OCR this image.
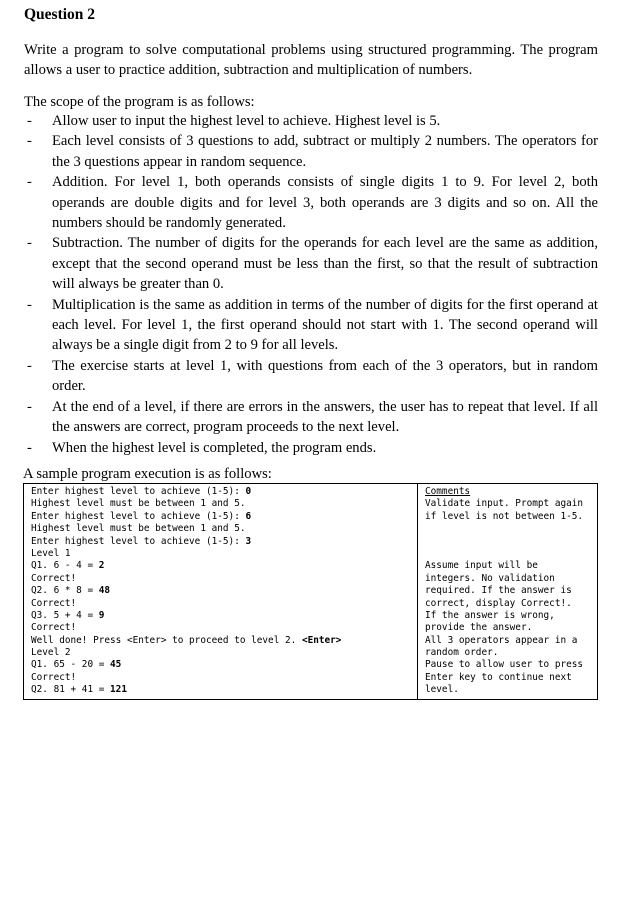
Question 2
Write a program to solve computational problems using structured programming. The program allows a user to practice addition, subtraction and multiplication of numbers.
The scope of the program is as follows:
- Allow user to input the highest level to achieve. Highest level is 5.
- Each level consists of 3 questions to add, subtract or multiply 2 numbers. The operators for the 3 questions appear in random sequence.
- Addition. For level 1, both operands consists of single digits 1 to 9. For level 2, both operands are double digits and for level 3, both operands are 3 digits and so on. All the numbers should be randomly generated.
- Subtraction. The number of digits for the operands for each level are the same as addition, except that the second operand must be less than the first, so that the result of subtraction will always be greater than 0.
- Multiplication is the same as addition in terms of the number of digits for the first operand at each level. For level 1, the first operand should not start with 1. The second operand will always be a single digit from 2 to 9 for all levels.
- The exercise starts at level 1, with questions from each of the 3 operators, but in random order.
- At the end of a level, if there are errors in the answers, the user has to repeat that level. If all the answers are correct, program proceeds to the next level.
- When the highest level is completed, the program ends.
A sample program execution is as follows:
Enter highest level to achieve (1-5): 0
Highest level must be between 1 and 5.
Enter highest level to achieve (1-5): 6
Highest level must be between 1 and 5.
Enter highest level to achieve (1-5): 3
Level 1
Q1. 6 - 4 = 2
Correct!
Q2. 6 * 8 = 48
Correct!
Q3. 5 + 4 = 9
Correct!
Well done! Press <Enter> to proceed to level 2. <Enter>
Level 2
Q1. 65 - 20 = 45
Correct!
Q2. 81 + 41 = 121
Comments
Validate input. Prompt again
if level is not between 1-5.
Assume input will be
integers. No validation
required. If the answer is
correct, display Correct!.
If the answer is wrong,
provide the answer.
All 3 operators appear in a
random order.
Pause to allow user to press
Enter key to continue next
level.
